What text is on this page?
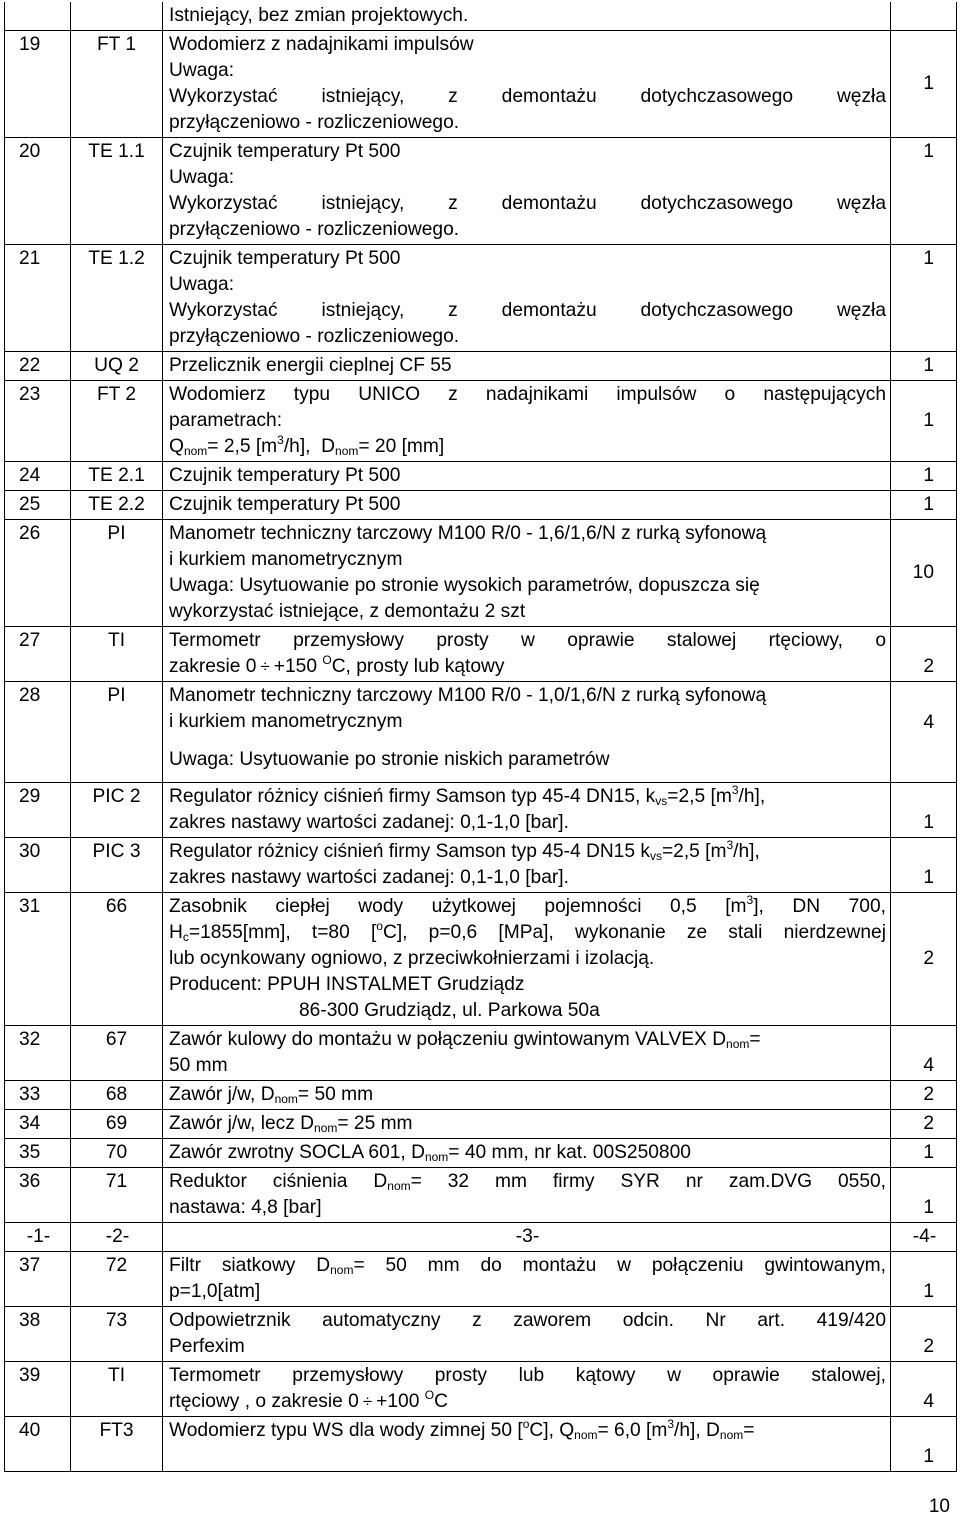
		Istniejący, bez zmian projektowych.	

19	FT 1	Wodomierz z nadajnikami impulsów
Uwaga:
Wykorzystać istniejący, z demontażu dotychczasowego węzła
przyłączeniowo - rozliczeniowego.	1
20	TE 1.1	Czujnik temperatury Pt 500
Uwaga:
Wykorzystać istniejący, z demontażu dotychczasowego węzła
przyłączeniowo - rozliczeniowego.	1
21	TE 1.2	Czujnik temperatury Pt 500
Uwaga:
Wykorzystać istniejący, z demontażu dotychczasowego węzła
przyłączeniowo - rozliczeniowego.	1
22	UQ 2	Przelicznik energii cieplnej CF 55	1
23	FT 2	Wodomierz typu UNICO z nadajnikami impulsów o następujących
parametrach:
$Q_{nom}= 2,5$ $[m^3/h]$, $D_{nom}= 20$ [mm]	1
24	TE 2.1	Czujnik temperatury Pt 500	1
25	TE 2.2	Czujnik temperatury Pt 500	1
26	PI	Manometr techniczny tarczowy M100 R/0 - 1,6/1,6/N z rurką syfonową
i kurkiem manometrycznym
Uwaga: Usytuowanie po stronie wysokich parametrów, dopuszcza się
wykorzystać istniejące, z demontażu 2 szt	10
27	TI	Termometr przemysłowy prosty w oprawie stalowej rtęciowy, o
zakresie 0 ÷ +150 $^O$C, prosty lub kątowy	2
28	PI	Manometr techniczny tarczowy M100 R/0 - 1,0/1,6/N z rurką syfonową
i kurkiem manometrycznym
Uwaga: Usytuowanie po stronie niskich parametrów	4
29	PIC 2	Regulator różnicy ciśnień firmy Samson typ 45-4 DN15, $k_{vs}=2,5$ $[m^3/h]$,
zakres nastawy wartości zadanej: 0,1-1,0 [bar].	1
30	PIC 3	Regulator różnicy ciśnień firmy Samson typ 45-4 DN15 $k_{vs}=2,5$ $[m^3/h]$,
zakres nastawy wartości zadanej: 0,1-1,0 [bar].	1
31	66	Zasobnik ciepłej wody użytkowej pojemności 0,5 $[m^3]$, DN 700,
$H_c=1855[mm]$, t=80 [$^o$C], p=0,6 [MPa], wykonanie ze stali nierdzewnej
lub ocynkowany ogniowo, z przeciwkołnierzami i izolacją.
Producent: PPUH INSTALMET Grudziądz
86-300 Grudziądz, ul. Parkowa 50a	2
32	67	Zawór kulowy do montażu w połączeniu gwintowanym VALVEX $D_{nom}=$
50 mm	4
33	68	Zawór j/w, $D_{nom}= 50$ mm	2
34	69	Zawór j/w, lecz $D_{nom}= 25$ mm	2
35	70	Zawór zwrotny SOCLA 601, $D_{nom}= 40$ mm, nr kat. 00S250800	1
36	71	Reduktor ciśnienia $D_{nom}= 32$ mm firmy SYR nr zam.DVG 0550,
nastawa: 4,8 [bar]	1
-1-	-2-	-3-	-4-
37	72	Filtr siatkowy $D_{nom}= 50$ mm do montażu w połączeniu gwintowanym,
p=1,0[atm]	1
38	73	Odpowietrznik automatyczny z zaworem odcin. Nr art. 419/420
Perfexim	2
39	TI	Termometr przemysłowy prosty lub kątowy w oprawie stalowej,
rtęciowy , o zakresie 0 ÷ +100 $^O$C	4
40	FT3	Wodomierz typu WS dla wody zimnej 50 [$^o$C], $Q_{nom}= 6,0$ $[m^3/h]$, $D_{nom}=$	1
10
